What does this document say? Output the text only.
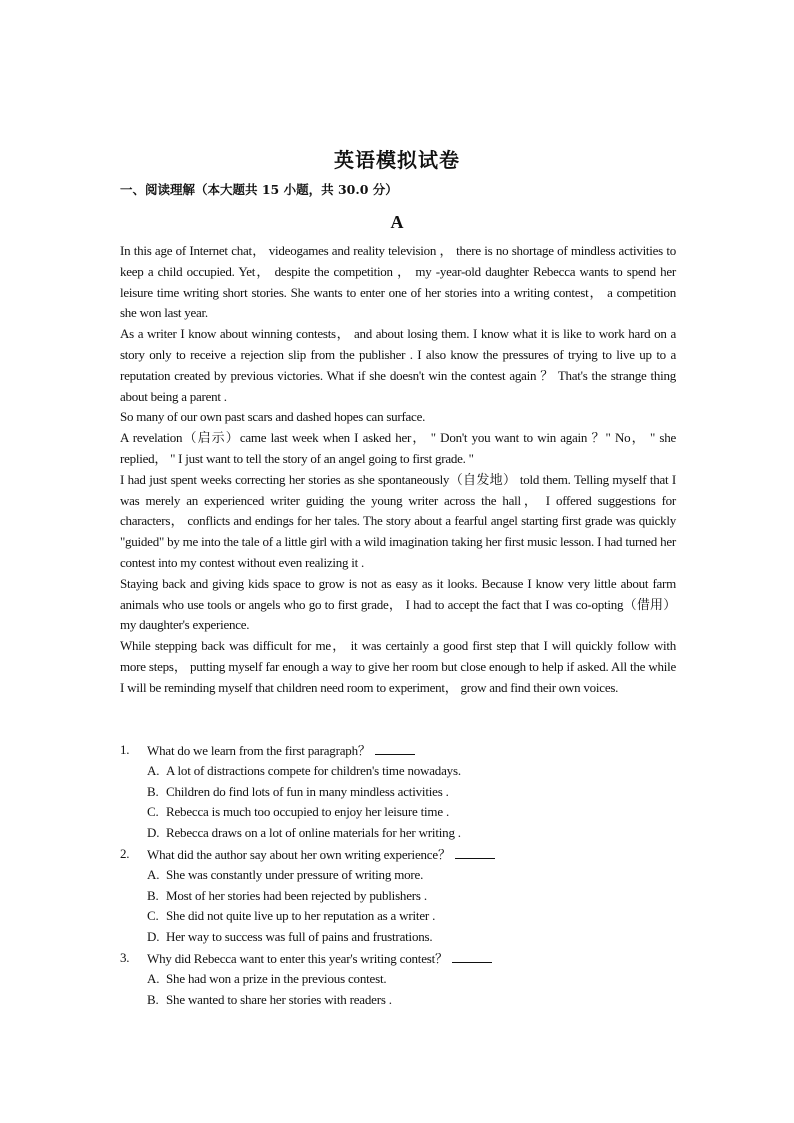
英语模拟试卷
一、阅读理解（本大题共 15 小题，共 30.0 分）
A

In this age of Internet chat， videogames and reality television ， there is no shortage of mindless activities to keep a child occupied. Yet， despite the competition ， my -year-old daughter Rebecca wants to spend her leisure time writing short stories. She wants to enter one of her stories into a writing contest， a competition she won last year.

As a writer I know about winning contests， and about losing them. I know what it is like to work hard on a story only to receive a rejection slip from the publisher . I also know the pressures of trying to live up to a reputation created by previous victories. What if she doesn't win the contest again ？ That's the strange thing about being a parent .

So many of our own past scars and dashed hopes can surface.

A revelation（启示）came last week when I asked her， " Don't you want to win again ？" No， " she replied， " I just want to tell the story of an angel going to first grade. "

I had just spent weeks correcting her stories as she spontaneously（自发地） told them. Telling myself that I was merely an experienced writer guiding the young writer across the hall， I offered suggestions for characters， conflicts and endings for her tales. The story about a fearful angel starting first grade was quickly "guided" by me into the tale of a little girl with a wild imagination taking her first music lesson. I had turned her contest into my contest without even realizing it .

Staying back and giving kids space to grow is not as easy as it looks. Because I know very little about farm animals who use tools or angels who go to first grade， I had to accept the fact that I was co-opting（借用）my daughter's experience.

While stepping back was difficult for me， it was certainly a good first step that I will quickly follow with more steps， putting myself far enough a way to give her room but close enough to help if asked. All the while I will be reminding myself that children need room to experiment， grow and find their own voices.

1.	What do we learn from the first paragraph？
A. A lot of distractions compete for children's time nowadays.
B. Children do find lots of fun in many mindless activities .
C. Rebecca is much too occupied to enjoy her leisure time .
D. Rebecca draws on a lot of online materials for her writing .
2.	What did the author say about her own writing experience？
A. She was constantly under pressure of writing more.
B. Most of her stories had been rejected by publishers .
C. She did not quite live up to her reputation as a writer .
D. Her way to success was full of pains and frustrations.
3.	Why did Rebecca want to enter this year's writing contest？
A. She had won a prize in the previous contest.
B. She wanted to share her stories with readers .
